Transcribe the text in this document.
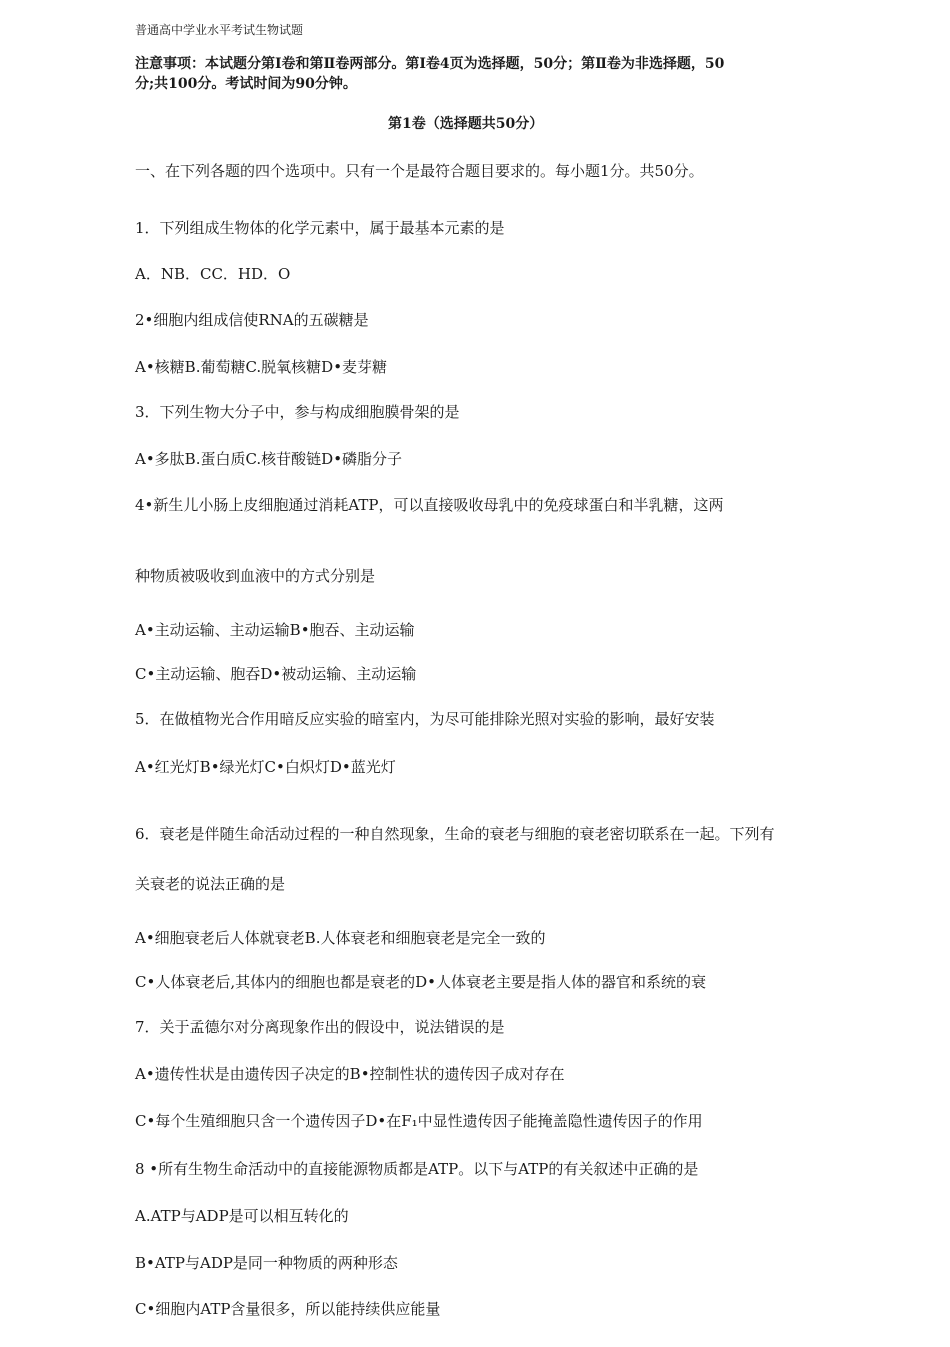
普通高中学业水平考试生物试题
注意事项：本试题分第Ⅰ卷和第Ⅱ卷两部分。第Ⅰ卷4页为选择题，50分；第Ⅱ卷为非选择题，50
分;共100分。考试时间为90分钟。
第1卷（选择题共50分）
一、在下列各题的四个选项中。只有一个是最符合题目要求的。每小题1分。共50分。
1．下列组成生物体的化学元素中，属于最基本元素的是
A．NB．CC．HD．O
2•细胞内组成信使RNA的五碳糖是
A•核糖B.葡萄糖C.脱氧核糖D•麦芽糖
3．下列生物大分子中，参与构成细胞膜骨架的是
A•多肽B.蛋白质C.核苷酸链D•磷脂分子
4•新生儿小肠上皮细胞通过消耗ATP，可以直接吸收母乳中的免疫球蛋白和半乳糖，这两
种物质被吸收到血液中的方式分别是
A•主动运输、主动运输B•胞吞、主动运输
C•主动运输、胞吞D•被动运输、主动运输
5．在做植物光合作用暗反应实验的暗室内，为尽可能排除光照对实验的影响，最好安装
A•红光灯B•绿光灯C•白炽灯D•蓝光灯
6．衰老是伴随生命活动过程的一种自然现象，生命的衰老与细胞的衰老密切联系在一起。下列有
关衰老的说法正确的是
A•细胞衰老后人体就衰老B.人体衰老和细胞衰老是完全一致的
C•人体衰老后,其体内的细胞也都是衰老的D•人体衰老主要是指人体的器官和系统的衰
7．关于孟德尔对分离现象作出的假设中，说法错误的是
A•遗传性状是由遗传因子决定的B•控制性状的遗传因子成对存在
C•每个生殖细胞只含一个遗传因子D•在F₁中显性遗传因子能掩盖隐性遗传因子的作用
8 •所有生物生命活动中的直接能源物质都是ATP。以下与ATP的有关叙述中正确的是
A.ATP与ADP是可以相互转化的
B•ATP与ADP是同一种物质的两种形态
C•细胞内ATP含量很多，所以能持续供应能量
